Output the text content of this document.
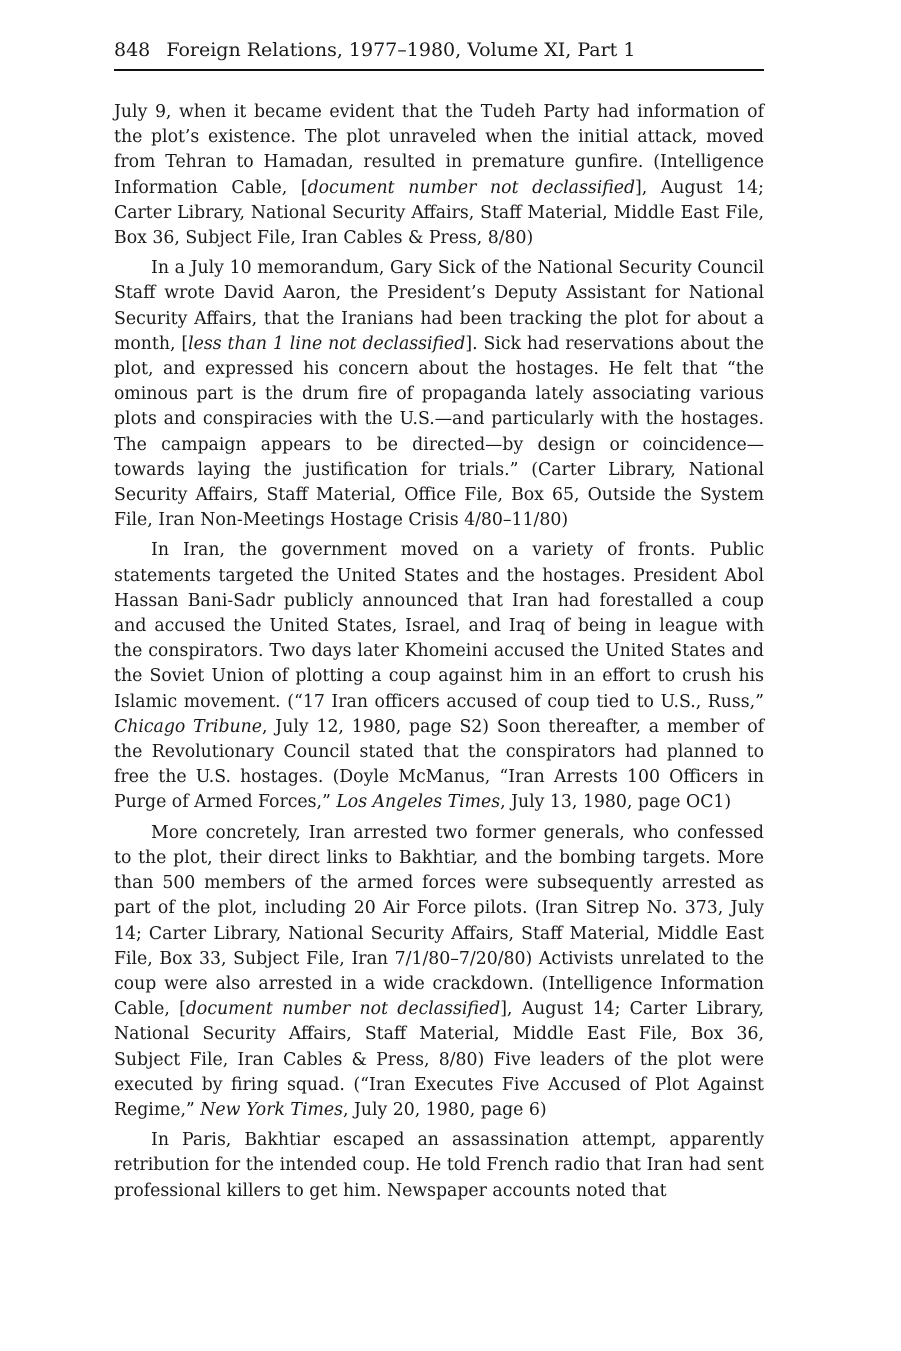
848 Foreign Relations, 1977–1980, Volume XI, Part 1

July 9, when it became evident that the Tudeh Party had information of the plot’s existence. The plot unraveled when the initial attack, moved from Tehran to Hamadan, resulted in premature gunfire. (Intelligence Information Cable, [document number not declassified], August 14; Carter Library, National Security Affairs, Staff Material, Middle East File, Box 36, Subject File, Iran Cables & Press, 8/80)

In a July 10 memorandum, Gary Sick of the National Security Council Staff wrote David Aaron, the President’s Deputy Assistant for National Security Affairs, that the Iranians had been tracking the plot for about a month, [less than 1 line not declassified]. Sick had reservations about the plot, and expressed his concern about the hostages. He felt that “the ominous part is the drum fire of propaganda lately associating various plots and conspiracies with the U.S.—and particularly with the hostages. The campaign appears to be directed—by design or coincidence—towards laying the justification for trials.” (Carter Library, National Security Affairs, Staff Material, Office File, Box 65, Outside the System File, Iran Non-Meetings Hostage Crisis 4/80–11/80)

In Iran, the government moved on a variety of fronts. Public statements targeted the United States and the hostages. President Abol Hassan Bani-Sadr publicly announced that Iran had forestalled a coup and accused the United States, Israel, and Iraq of being in league with the conspirators. Two days later Khomeini accused the United States and the Soviet Union of plotting a coup against him in an effort to crush his Islamic movement. (“17 Iran officers accused of coup tied to U.S., Russ,” Chicago Tribune, July 12, 1980, page S2) Soon thereafter, a member of the Revolutionary Council stated that the conspirators had planned to free the U.S. hostages. (Doyle McManus, “Iran Arrests 100 Officers in Purge of Armed Forces,” Los Angeles Times, July 13, 1980, page OC1)

More concretely, Iran arrested two former generals, who confessed to the plot, their direct links to Bakhtiar, and the bombing targets. More than 500 members of the armed forces were subsequently arrested as part of the plot, including 20 Air Force pilots. (Iran Sitrep No. 373, July 14; Carter Library, National Security Affairs, Staff Material, Middle East File, Box 33, Subject File, Iran 7/1/80–7/20/80) Activists unrelated to the coup were also arrested in a wide crackdown. (Intelligence Information Cable, [document number not declassified], August 14; Carter Library, National Security Affairs, Staff Material, Middle East File, Box 36, Subject File, Iran Cables & Press, 8/80) Five leaders of the plot were executed by firing squad. (“Iran Executes Five Accused of Plot Against Regime,” New York Times, July 20, 1980, page 6)

In Paris, Bakhtiar escaped an assassination attempt, apparently retribution for the intended coup. He told French radio that Iran had sent professional killers to get him. Newspaper accounts noted that
